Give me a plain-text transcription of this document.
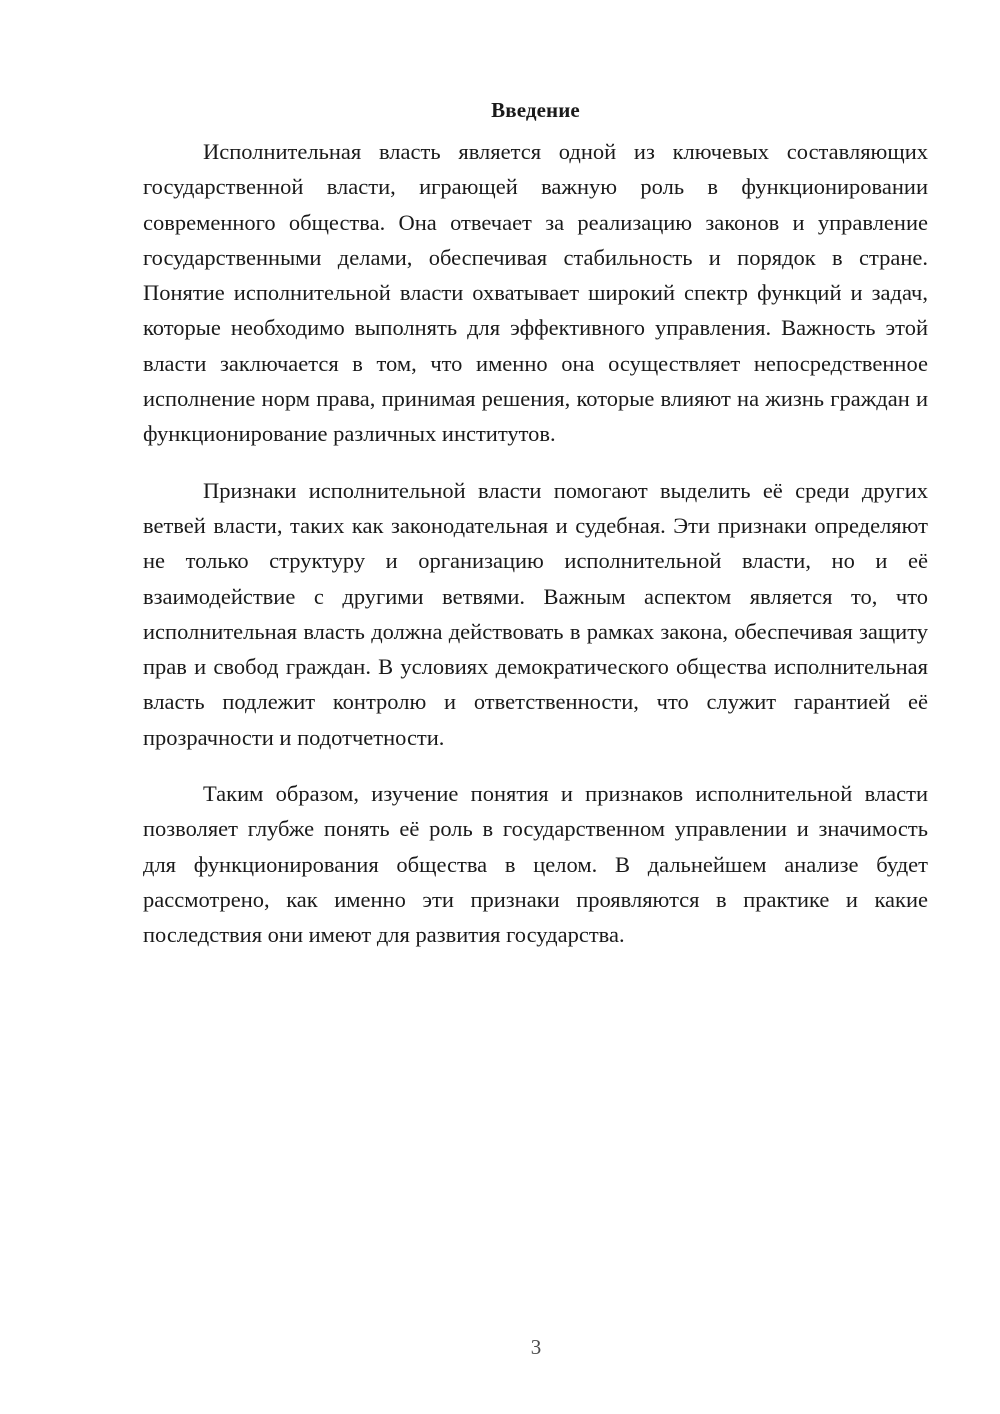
Введение

Исполнительная власть является одной из ключевых составляющих государственной власти, играющей важную роль в функционировании современного общества. Она отвечает за реализацию законов и управление государственными делами, обеспечивая стабильность и порядок в стране. Понятие исполнительной власти охватывает широкий спектр функций и задач, которые необходимо выполнять для эффективного управления. Важность этой власти заключается в том, что именно она осуществляет непосредственное исполнение норм права, принимая решения, которые влияют на жизнь граждан и функционирование различных институтов.

Признаки исполнительной власти помогают выделить её среди других ветвей власти, таких как законодательная и судебная. Эти признаки определяют не только структуру и организацию исполнительной власти, но и её взаимодействие с другими ветвями. Важным аспектом является то, что исполнительная власть должна действовать в рамках закона, обеспечивая защиту прав и свобод граждан. В условиях демократического общества исполнительная власть подлежит контролю и ответственности, что служит гарантией её прозрачности и подотчетности.

Таким образом, изучение понятия и признаков исполнительной власти позволяет глубже понять её роль в государственном управлении и значимость для функционирования общества в целом. В дальнейшем анализе будет рассмотрено, как именно эти признаки проявляются в практике и какие последствия они имеют для развития государства.

3
